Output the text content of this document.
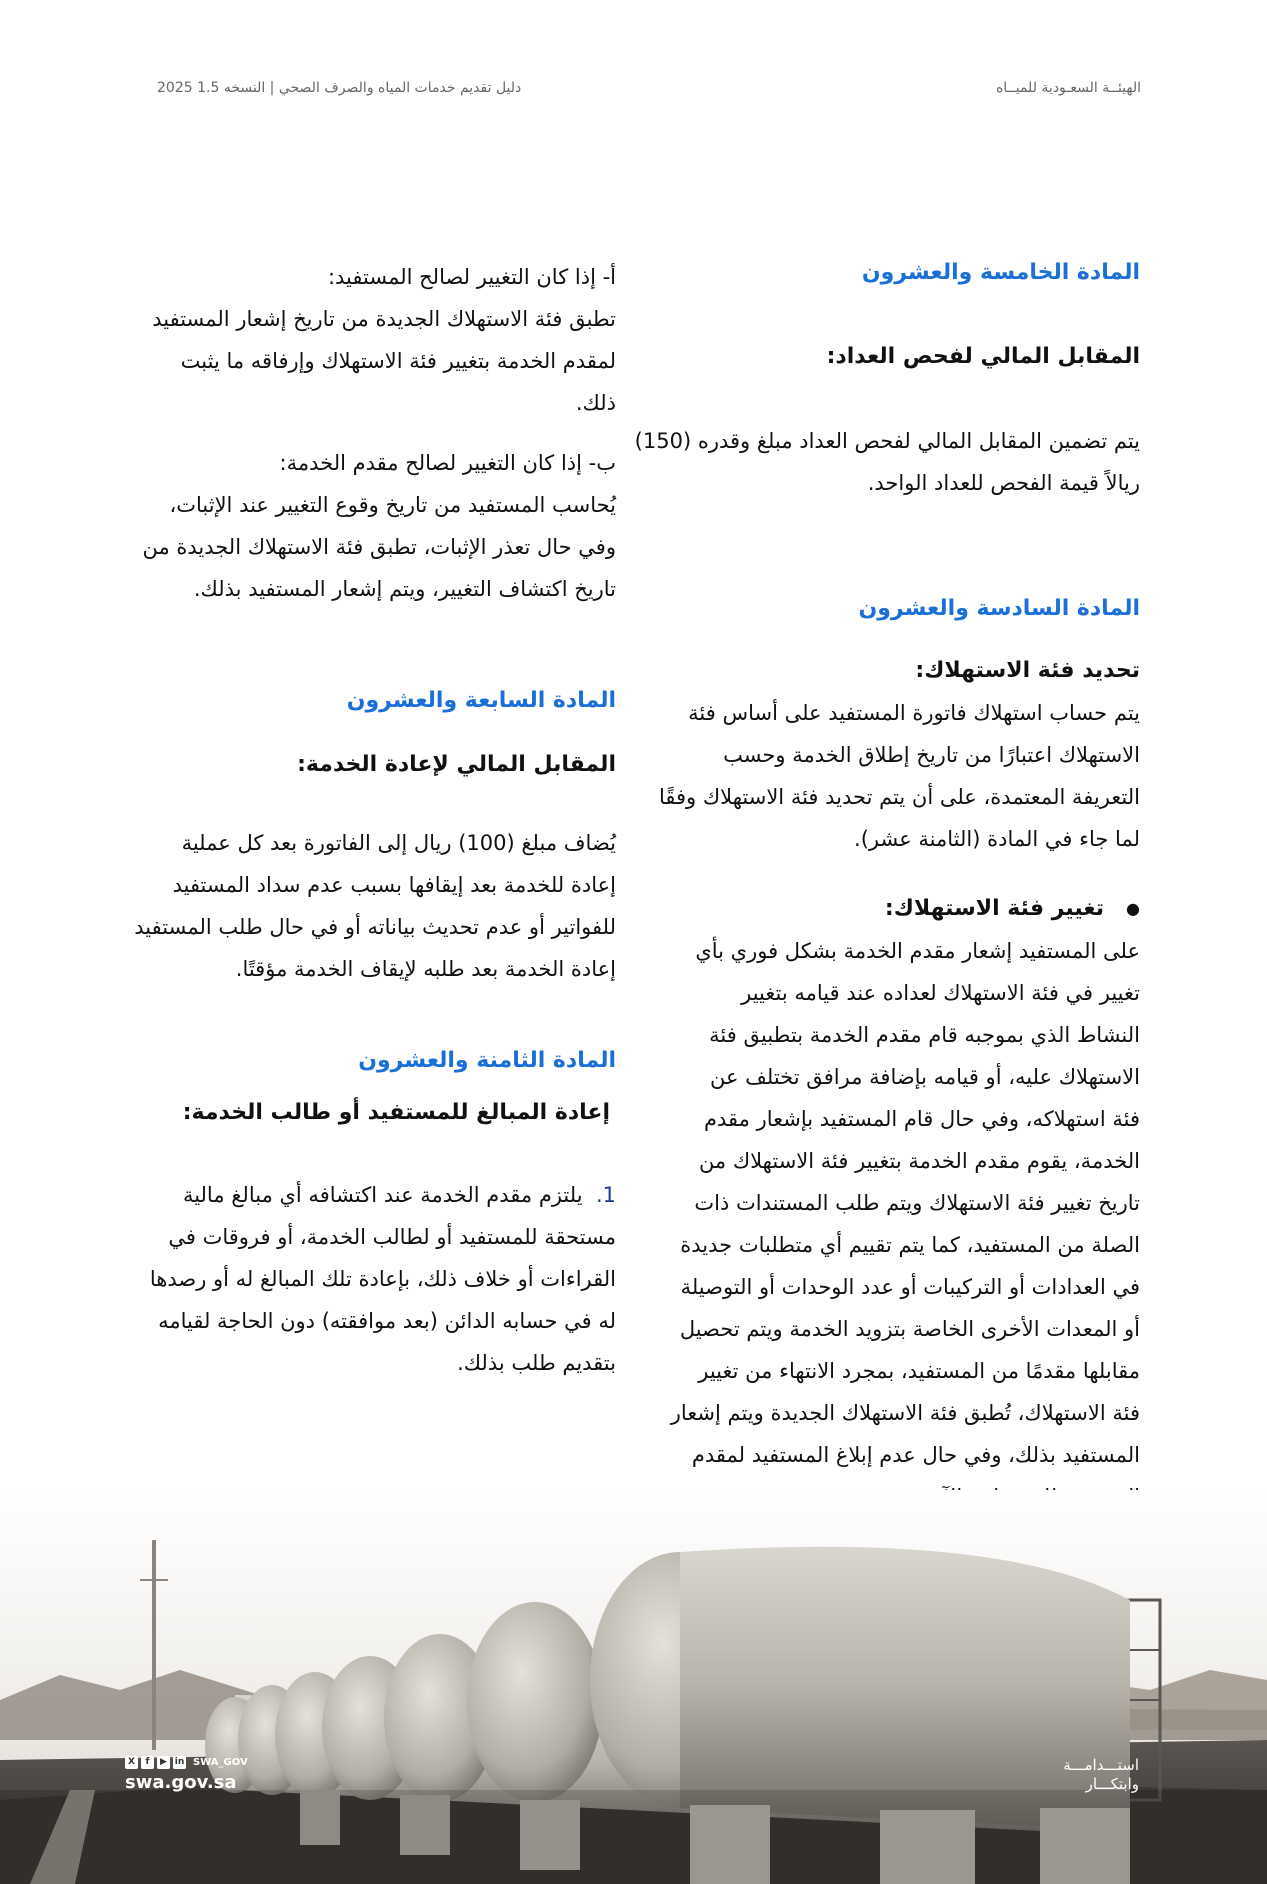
الهيئــة السعـودية للميــاه
دليل تقديم خدمات المياه والصرف الصحي | النسخه 1.5 2025

المادة الخامسة والعشرون

المقابل المالي لفحص العداد:

يتم تضمين المقابل المالي لفحص العداد مبلغ وقدره (150)

ريالاً قيمة الفحص للعداد الواحد.

المادة السادسة والعشرون

تحديد فئة الاستهلاك:

يتم حساب استهلاك فاتورة المستفيد على أساس فئة

الاستهلاك اعتبارًا من تاريخ إطلاق الخدمة وحسب

التعريفة المعتمدة، على أن يتم تحديد فئة الاستهلاك وفقًا

لما جاء في المادة (الثامنة عشر).

●تغيير فئة الاستهلاك:

على المستفيد إشعار مقدم الخدمة بشكل فوري بأي

تغيير في فئة الاستهلاك لعداده عند قيامه بتغيير

النشاط الذي بموجبه قام مقدم الخدمة بتطبيق فئة

الاستهلاك عليه، أو قيامه بإضافة مرافق تختلف عن

فئة استهلاكه، وفي حال قام المستفيد بإشعار مقدم

الخدمة، يقوم مقدم الخدمة بتغيير فئة الاستهلاك من

تاريخ تغيير فئة الاستهلاك ويتم طلب المستندات ذات

الصلة من المستفيد، كما يتم تقييم أي متطلبات جديدة

في العدادات أو التركيبات أو عدد الوحدات أو التوصيلة

أو المعدات الأخرى الخاصة بتزويد الخدمة ويتم تحصيل

مقابلها مقدمًا من المستفيد، بمجرد الانتهاء من تغيير

فئة الاستهلاك، تُطبق فئة الاستهلاك الجديدة ويتم إشعار

المستفيد بذلك، وفي حال عدم إبلاغ المستفيد لمقدم

أ- إذا كان التغيير لصالح المستفيد:

تطبق فئة الاستهلاك الجديدة من تاريخ إشعار المستفيد

لمقدم الخدمة بتغيير فئة الاستهلاك وإرفاقه ما يثبت

ذلك.

ب- إذا كان التغيير لصالح مقدم الخدمة:

يُحاسب المستفيد من تاريخ وقوع التغيير عند الإثبات،

وفي حال تعذر الإثبات، تطبق فئة الاستهلاك الجديدة من

تاريخ اكتشاف التغيير، ويتم إشعار المستفيد بذلك.

المادة السابعة والعشرون

المقابل المالي لإعادة الخدمة:

يُضاف مبلغ (100) ريال إلى الفاتورة بعد كل عملية

إعادة للخدمة بعد إيقافها بسبب عدم سداد المستفيد

للفواتير أو عدم تحديث بياناته أو في حال طلب المستفيد

إعادة الخدمة بعد طلبه لإيقاف الخدمة مؤقتًا.

المادة الثامنة والعشرون

إعادة المبالغ للمستفيد أو طالب الخدمة:

1.  يلتزم مقدم الخدمة عند اكتشافه أي مبالغ مالية

مستحقة للمستفيد أو لطالب الخدمة، أو فروقات في

القراءات أو خلاف ذلك، بإعادة تلك المبالغ له أو رصدها

له في حسابه الدائن (بعد موافقته) دون الحاجة لقيامه

بتقديم طلب بذلك.

X	f	▶ in SWA_GOV
swa.gov.sa
استـــدامـــة
وابتكـــار
